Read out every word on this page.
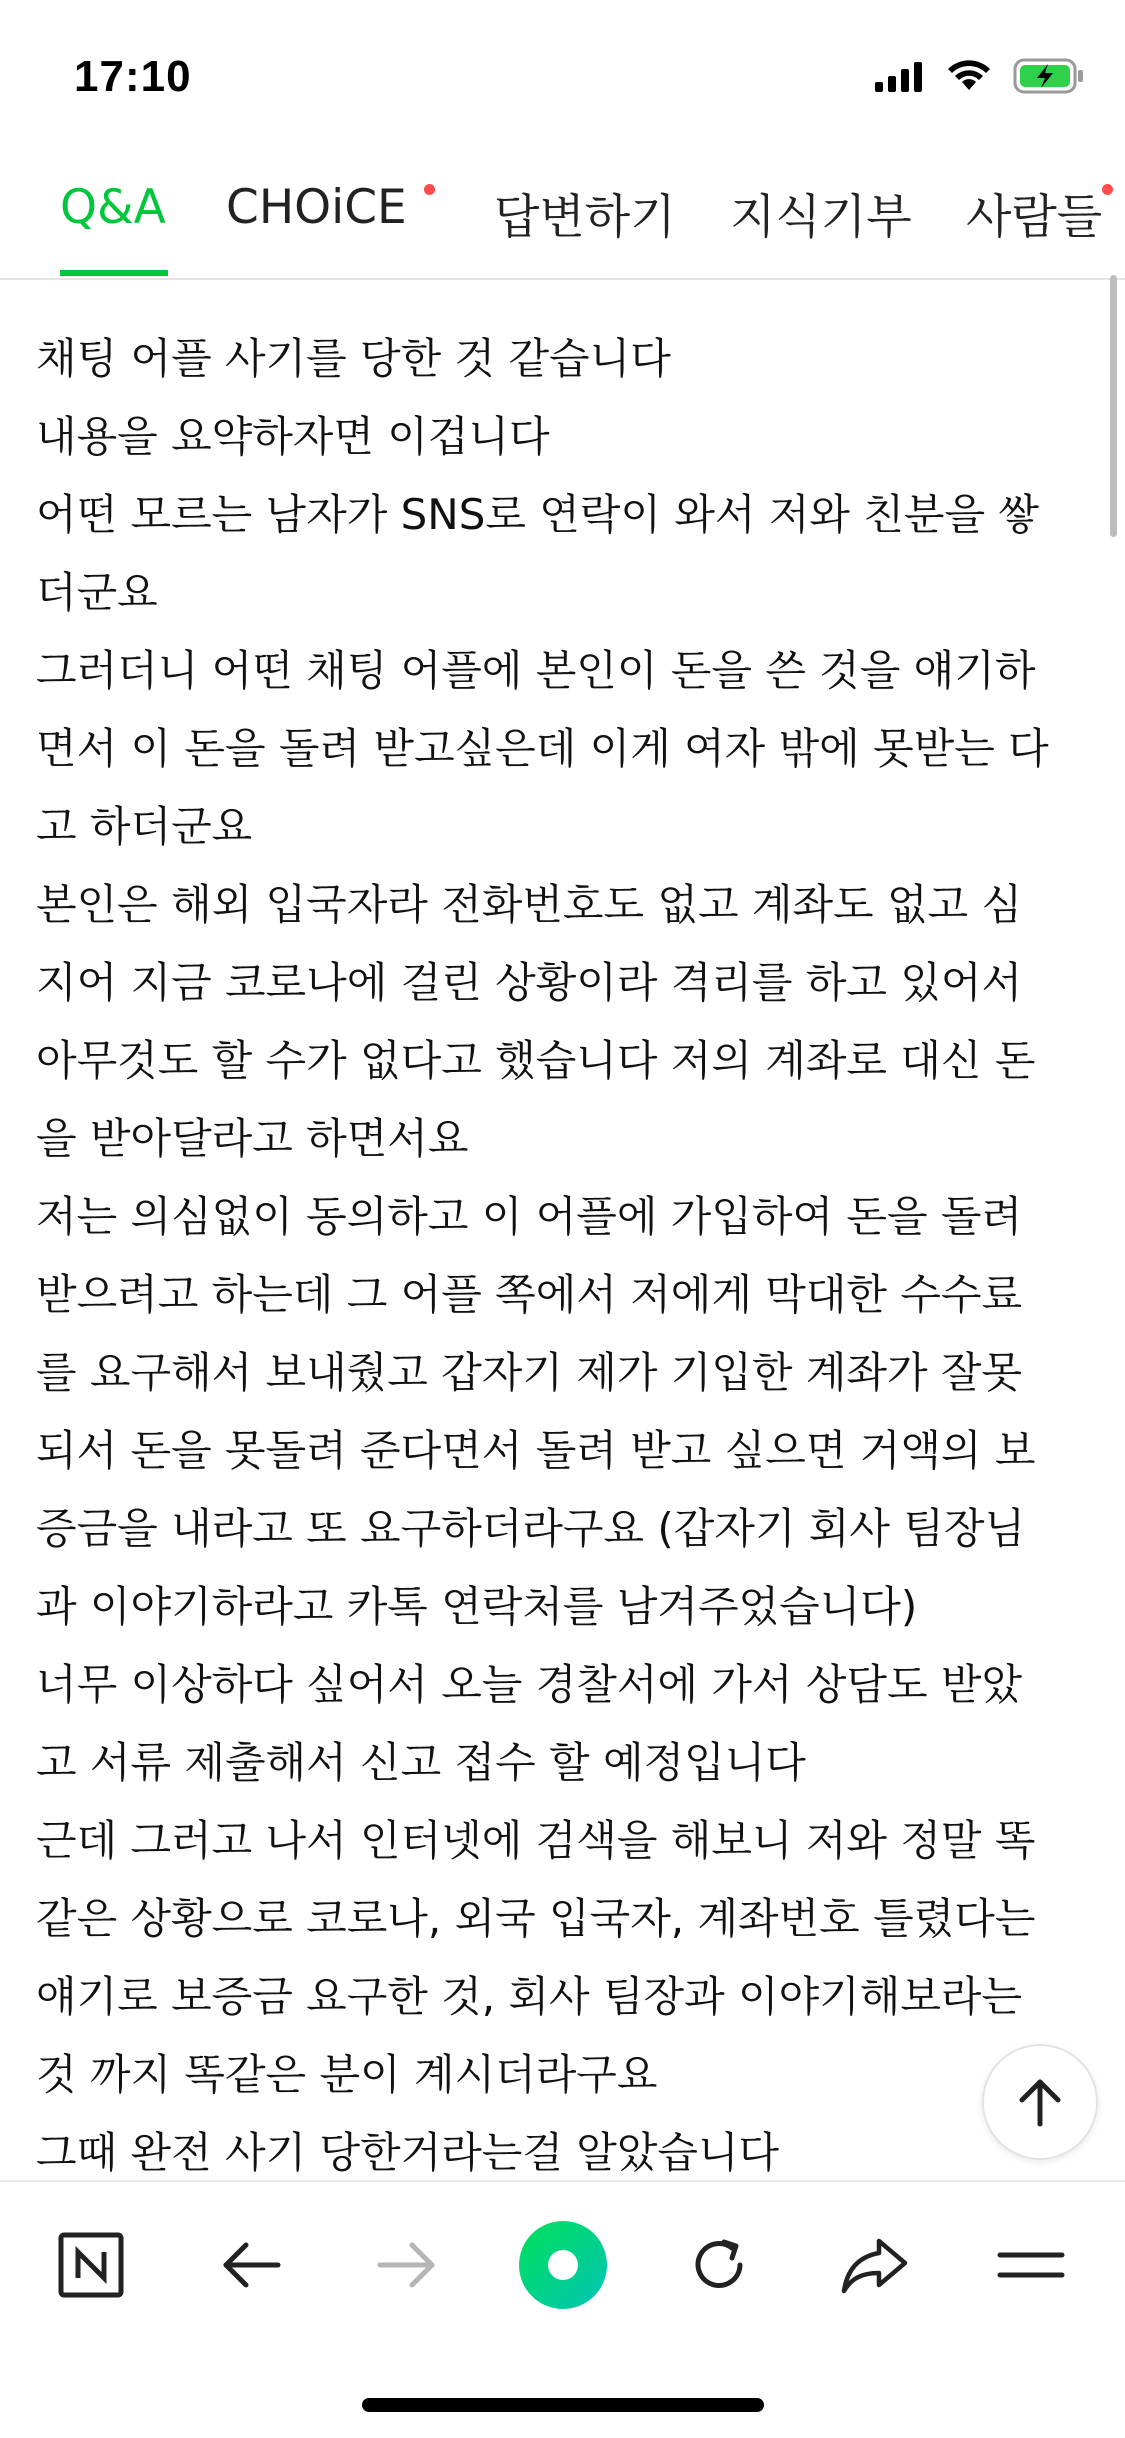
17:10
Q&A CHOiCE 답변하기 지식기부 사람들
채팅 어플 사기를 당한 것 같습니다
내용을 요약하자면 이겁니다
어떤 모르는 남자가 SNS로 연락이 와서 저와 친분을 쌓
더군요
그러더니 어떤 채팅 어플에 본인이 돈을 쓴 것을 얘기하
면서 이 돈을 돌려 받고싶은데 이게 여자 밖에 못받는 다
고 하더군요
본인은 해외 입국자라 전화번호도 없고 계좌도 없고 심
지어 지금 코로나에 걸린 상황이라 격리를 하고 있어서
아무것도 할 수가 없다고 했습니다 저의 계좌로 대신 돈
을 받아달라고 하면서요
저는 의심없이 동의하고 이 어플에 가입하여 돈을 돌려
받으려고 하는데 그 어플 쪽에서 저에게 막대한 수수료
를 요구해서 보내줬고 갑자기 제가 기입한 계좌가 잘못
되서 돈을 못돌려 준다면서 돌려 받고 싶으면 거액의 보
증금을 내라고 또 요구하더라구요 (갑자기 회사 팀장님
과 이야기하라고 카톡 연락처를 남겨주었습니다)
너무 이상하다 싶어서 오늘 경찰서에 가서 상담도 받았
고 서류 제출해서 신고 접수 할 예정입니다
근데 그러고 나서 인터넷에 검색을 해보니 저와 정말 똑
같은 상황으로 코로나, 외국 입국자, 계좌번호 틀렸다는
얘기로 보증금 요구한 것, 회사 팀장과 이야기해보라는
것 까지 똑같은 분이 계시더라구요
그때 완전 사기 당한거라는걸 알았습니다
